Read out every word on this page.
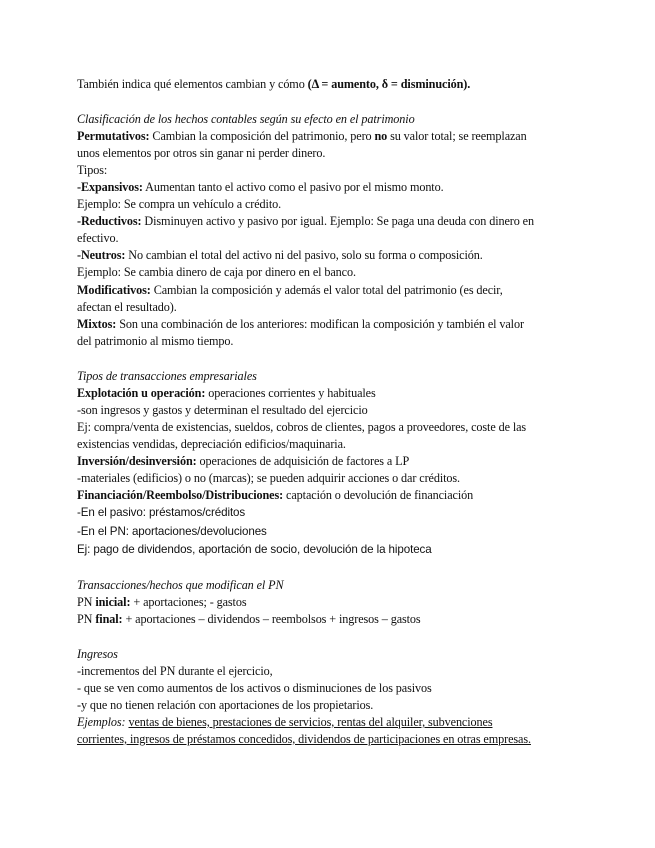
También indica qué elementos cambian y cómo (Δ = aumento, δ = disminución).
Clasificación de los hechos contables según su efecto en el patrimonio
Permutativos: Cambian la composición del patrimonio, pero no su valor total; se reemplazan
unos elementos por otros sin ganar ni perder dinero.
Tipos:
-Expansivos: Aumentan tanto el activo como el pasivo por el mismo monto.
Ejemplo: Se compra un vehículo a crédito.
-Reductivos: Disminuyen activo y pasivo por igual. Ejemplo: Se paga una deuda con dinero en
efectivo.
-Neutros: No cambian el total del activo ni del pasivo, solo su forma o composición.
Ejemplo: Se cambia dinero de caja por dinero en el banco.
Modificativos: Cambian la composición y además el valor total del patrimonio (es decir,
afectan el resultado).
Mixtos: Son una combinación de los anteriores: modifican la composición y también el valor
del patrimonio al mismo tiempo.
Tipos de transacciones empresariales
Explotación u operación: operaciones corrientes y habituales
-son ingresos y gastos y determinan el resultado del ejercicio
Ej: compra/venta de existencias, sueldos, cobros de clientes, pagos a proveedores, coste de las
existencias vendidas, depreciación edificios/maquinaria.
Inversión/desinversión: operaciones de adquisición de factores a LP
-materiales (edificios) o no (marcas); se pueden adquirir acciones o dar créditos.
Financiación/Reembolso/Distribuciones: captación o devolución de financiación
-En el pasivo: préstamos/créditos
-En el PN: aportaciones/devoluciones
Ej: pago de dividendos, aportación de socio, devolución de la hipoteca
Transacciones/hechos que modifican el PN
PN inicial: + aportaciones; - gastos
PN final: + aportaciones – dividendos – reembolsos + ingresos – gastos
Ingresos
-incrementos del PN durante el ejercicio,
- que se ven como aumentos de los activos o disminuciones de los pasivos
-y que no tienen relación con aportaciones de los propietarios.
Ejemplos: ventas de bienes, prestaciones de servicios, rentas del alquiler, subvenciones
corrientes, ingresos de préstamos concedidos, dividendos de participaciones en otras empresas.
